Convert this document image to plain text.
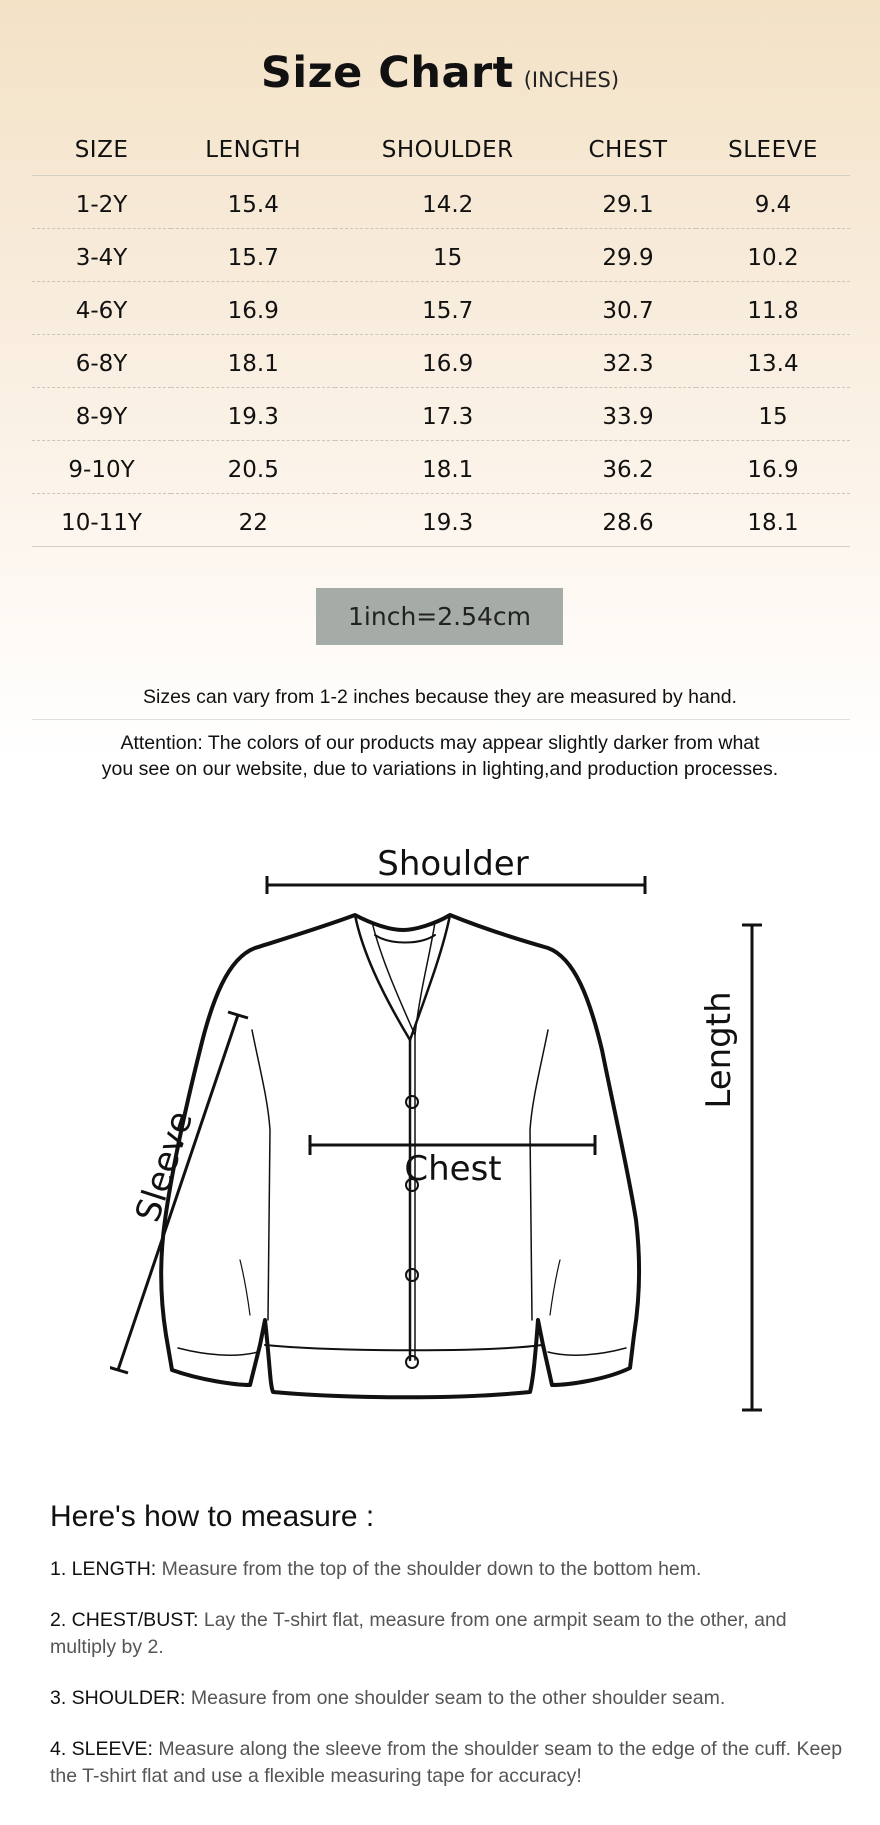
Size Chart (INCHES)
SIZE	LENGTH	SHOULDER	CHEST	SLEEVE
1-2Y	15.4	14.2	29.1	9.4
3-4Y	15.7	15	29.9	10.2
4-6Y	16.9	15.7	30.7	11.8
6-8Y	18.1	16.9	32.3	13.4
8-9Y	19.3	17.3	33.9	15
9-10Y	20.5	18.1	36.2	16.9
10-11Y	22	19.3	28.6	18.1
1inch=2.54cm
Sizes can vary from 1-2 inches because they are measured by hand.
Attention: The colors of our products may appear slightly darker from what
you see on our website, due to variations in lighting,and production processes.
Shoulder
Chest
Length
Sleeve
Here's how to measure :
1. LENGTH: Measure from the top of the shoulder down to the bottom hem.
2. CHEST/BUST: Lay the T-shirt flat, measure from one armpit seam to the other, and multiply by 2.
3. SHOULDER: Measure from one shoulder seam to the other shoulder seam.
4. SLEEVE: Measure along the sleeve from the shoulder seam to the edge of the cuff. Keep the T-shirt flat and use a flexible measuring tape for accuracy!
